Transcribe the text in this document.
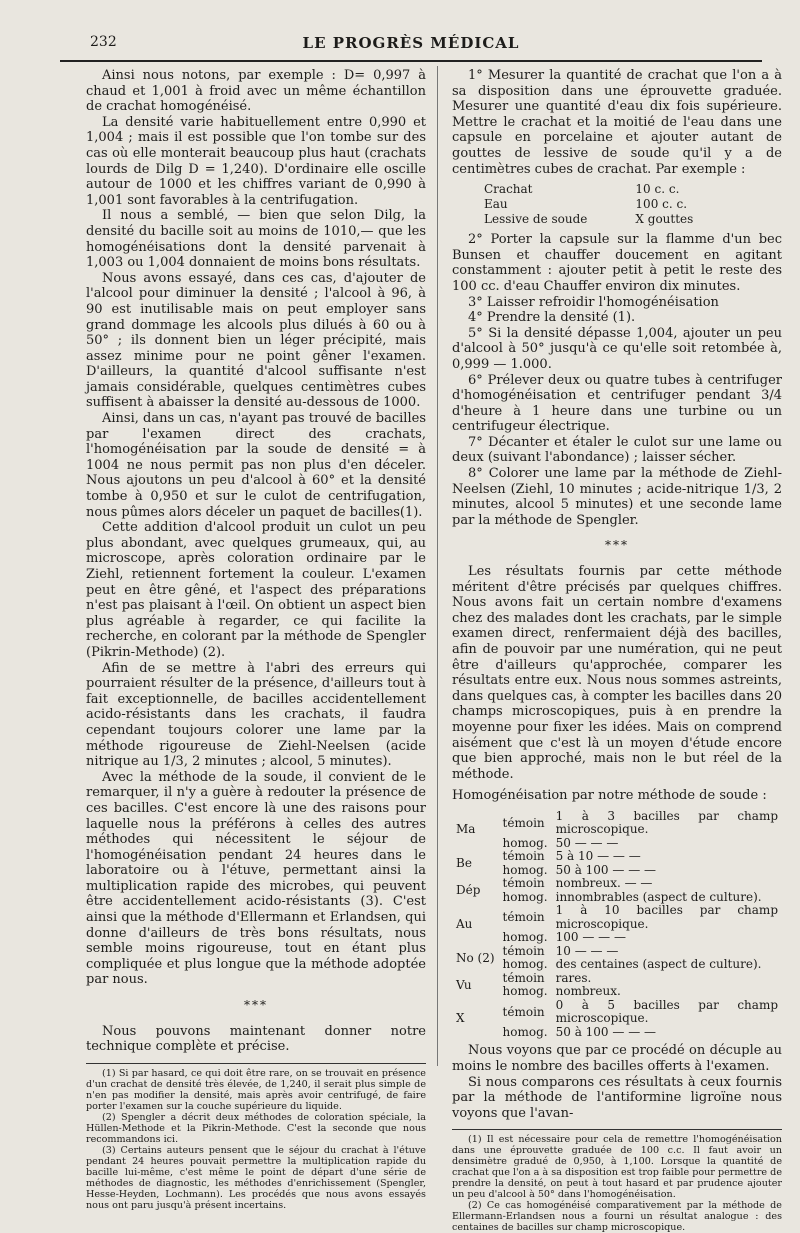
232	LE PROGRÈS MÉDICAL

Ainsi nous notons, par exemple : D= 0,997 à chaud et 1,001 à froid avec un même échantillon de crachat homogénéisé.

La densité varie habituellement entre 0,990 et 1,004 ; mais il est possible que l'on tombe sur des cas où elle monterait beaucoup plus haut (crachats lourds de Dilg D = 1,240). D'ordinaire elle oscille autour de 1000 et les chiffres variant de 0,990 à 1,001 sont favorables à la centrifugation.

Il nous a semblé, — bien que selon Dilg, la densité du bacille soit au moins de 1010,— que les homogénéisations dont la densité parvenait à 1,003 ou 1,004 donnaient de moins bons résultats.

Nous avons essayé, dans ces cas, d'ajouter de l'alcool pour diminuer la densité ; l'alcool à 96, à 90 est inutilisable mais on peut employer sans grand dommage les alcools plus dilués à 60 ou à 50° ; ils donnent bien un léger précipité, mais assez minime pour ne point gêner l'examen. D'ailleurs, la quantité d'alcool suffisante n'est jamais considérable, quelques centimètres cubes suffisent à abaisser la densité au-dessous de 1000.

Ainsi, dans un cas, n'ayant pas trouvé de bacilles par l'examen direct des crachats, l'homogénéisation par la soude de densité = à 1004 ne nous permit pas non plus d'en déceler. Nous ajoutons un peu d'alcool à 60° et la densité tombe à 0,950 et sur le culot de centrifugation, nous pûmes alors déceler un paquet de bacilles(1).

Cette addition d'alcool produit un culot un peu plus abondant, avec quelques grumeaux, qui, au microscope, après coloration ordinaire par le Ziehl, retiennent fortement la couleur. L'examen peut en être gêné, et l'aspect des préparations n'est pas plaisant à l'œil. On obtient un aspect bien plus agréable à regarder, ce qui facilite la recherche, en colorant par la méthode de Spengler (Pikrin-Methode) (2).

Afin de se mettre à l'abri des erreurs qui pourraient résulter de la présence, d'ailleurs tout à fait exceptionnelle, de bacilles accidentellement acido-résistants dans les crachats, il faudra cependant toujours colorer une lame par la méthode rigoureuse de Ziehl-Neelsen (acide nitrique au 1/3, 2 minutes ; alcool, 5 minutes).

Avec la méthode de la soude, il convient de le remarquer, il n'y a guère à redouter la présence de ces bacilles. C'est encore là une des raisons pour laquelle nous la préférons à celles des autres méthodes qui nécessitent le séjour de l'homogénéisation pendant 24 heures dans le laboratoire ou à l'étuve, permettant ainsi la multiplication rapide des microbes, qui peuvent être accidentellement acido-résistants (3). C'est ainsi que la méthode d'Ellermann et Erlandsen, qui donne d'ailleurs de très bons résultats, nous semble moins rigoureuse, tout en étant plus compliquée et plus longue que la méthode adoptée par nous.

***

Nous pouvons maintenant donner notre technique complète et précise.

(1) Si par hasard, ce qui doit être rare, on se trouvait en présence d'un crachat de densité très élevée, de 1,240, il serait plus simple de n'en pas modifier la densité, mais après avoir centrifugé, de faire porter l'examen sur la couche supérieure du liquide.

(2) Spengler a décrit deux méthodes de coloration spéciale, la Hüllen-Methode et la Pikrin-Methode. C'est la seconde que nous recommandons ici.

(3) Certains auteurs pensent que le séjour du crachat à l'étuve pendant 24 heures pouvait permettre la multiplication rapide du bacille lui-même, c'est même le point de départ d'une série de méthodes de diagnostic, les méthodes d'enrichissement (Spengler, Hesse-Heyden, Lochmann). Les procédés que nous avons essayés nous ont paru jusqu'à présent incertains.

1° Mesurer la quantité de crachat que l'on a à sa disposition dans une éprouvette graduée. Mesurer une quantité d'eau dix fois supérieure. Mettre le crachat et la moitié de l'eau dans une capsule en porcelaine et ajouter autant de gouttes de lessive de soude qu'il y a de centimètres cubes de crachat. Par exemple :

Crachat	10 c. c.
Eau	100 c. c.
Lessive de soude	X gouttes

2° Porter la capsule sur la flamme d'un bec Bunsen et chauffer doucement en agitant constamment : ajouter petit à petit le reste des 100 cc. d'eau Chauffer environ dix minutes.

3° Laisser refroidir l'homogénéisation

4° Prendre la densité (1).

5° Si la densité dépasse 1,004, ajouter un peu d'alcool à 50° jusqu'à ce qu'elle soit retombée à, 0,999 — 1.000.

6° Prélever deux ou quatre tubes à centrifuger d'homogénéisation et centrifuger pendant 3/4 d'heure à 1 heure dans une turbine ou un centrifugeur électrique.

7° Décanter et étaler le culot sur une lame ou deux (suivant l'abondance) ; laisser sécher.

8° Colorer une lame par la méthode de Ziehl-Neelsen (Ziehl, 10 minutes ; acide-nitrique 1/3, 2 minutes, alcool 5 minutes) et une seconde lame par la méthode de Spengler.

***

Les résultats fournis par cette méthode méritent d'être précisés par quelques chiffres. Nous avons fait un certain nombre d'examens chez des malades dont les crachats, par le simple examen direct, renfermaient déjà des bacilles, afin de pouvoir par une numération, qui ne peut être d'ailleurs qu'approchée, comparer les résultats entre eux. Nous nous sommes astreints, dans quelques cas, à compter les bacilles dans 20 champs microscopiques, puis à en prendre la moyenne pour fixer les idées. Mais on comprend aisément que c'est là un moyen d'étude encore que bien approché, mais non le but réel de la méthode.

Homogénéisation par notre méthode de soude :

Ma	témoin	1 à 3 bacilles par champ microscopique.
	homog.	50 — — —
Be	témoin	5 à 10 — — —
	homog.	50 à 100 — — —
Dép	témoin	nombreux. — —
	homog.	innombrables (aspect de culture).
Au	témoin	1 à 10 bacilles par champ microscopique.
	homog.	100 — — —
No (2)	témoin	10 — — —
	homog.	des centaines (aspect de culture).
Vu	témoin	rares.
	homog.	nombreux.
X	témoin	0 à 5 bacilles par champ microscopique.
	homog.	50 à 100 — — —

Nous voyons que par ce procédé on décuple au moins le nombre des bacilles offerts à l'examen.

Si nous comparons ces résultats à ceux fournis par la méthode de l'antiformine ligroïne nous voyons que l'avan-

(1) Il est nécessaire pour cela de remettre l'homogénéisation dans une éprouvette graduée de 100 c.c. Il faut avoir un densimètre gradué de 0,950, à 1,100. Lorsque la quantité de crachat que l'on a à sa disposition est trop faible pour permettre de prendre la densité, on peut à tout hasard et par prudence ajouter un peu d'alcool à 50° dans l'homogénéisation.

(2) Ce cas homogénéisé comparativement par la méthode de Ellermann-Erlandsen nous a fourni un résultat analogue : des centaines de bacilles sur champ microscopique.
